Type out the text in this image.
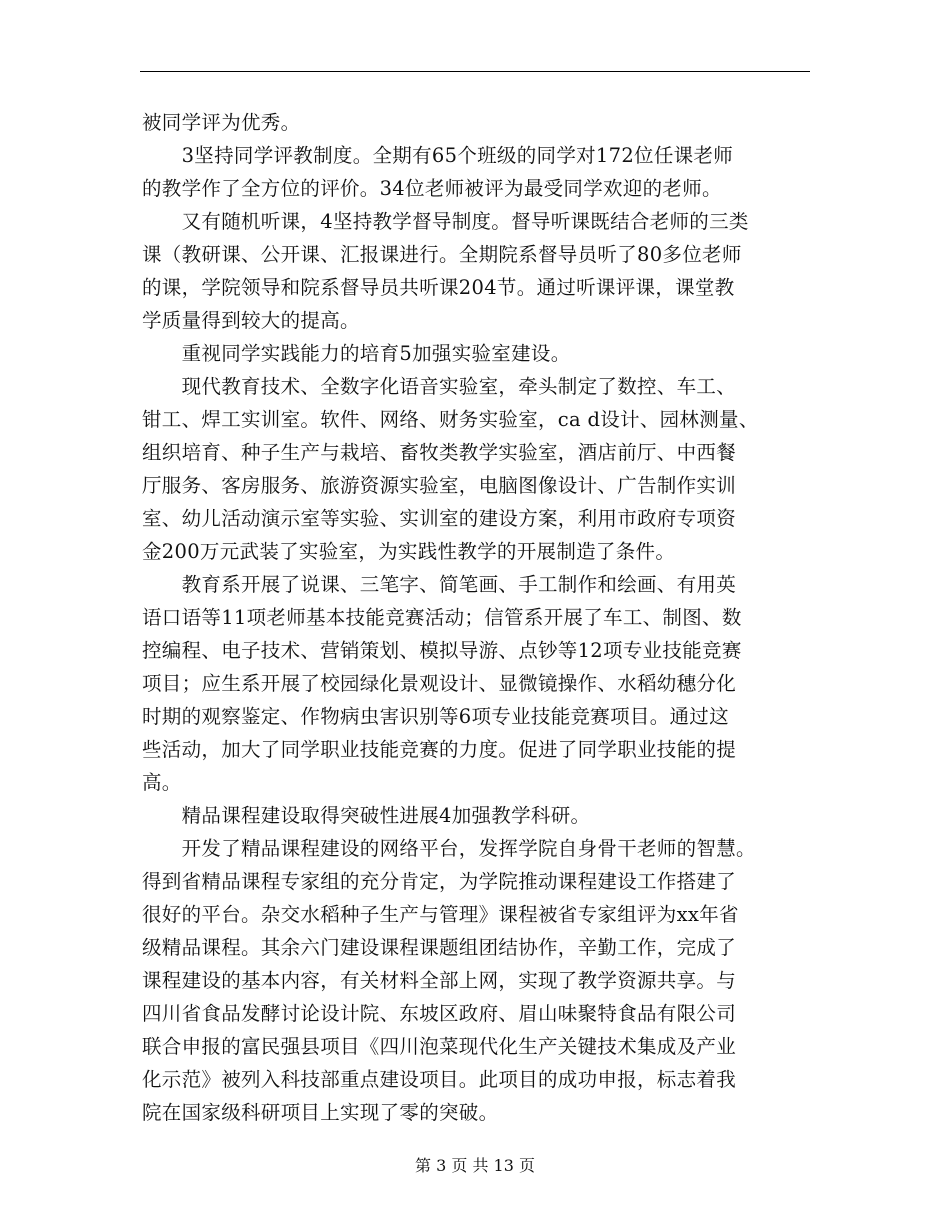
被同学评为优秀。
　　3坚持同学评教制度。全期有65个班级的同学对172位任课老师
的教学作了全方位的评价。34位老师被评为最受同学欢迎的老师。
　　又有随机听课，4坚持教学督导制度。督导听课既结合老师的三类
课（教研课、公开课、汇报课进行。全期院系督导员听了80多位老师
的课，学院领导和院系督导员共听课204节。通过听课评课，课堂教
学质量得到较大的提高。
　　重视同学实践能力的培育5加强实验室建设。
　　现代教育技术、全数字化语音实验室，牵头制定了数控、车工、
钳工、焊工实训室。软件、网络、财务实验室，ca d设计、园林测量、
组织培育、种子生产与栽培、畜牧类教学实验室，酒店前厅、中西餐
厅服务、客房服务、旅游资源实验室，电脑图像设计、广告制作实训
室、幼儿活动演示室等实验、实训室的建设方案，利用市政府专项资
金200万元武装了实验室，为实践性教学的开展制造了条件。
　　教育系开展了说课、三笔字、简笔画、手工制作和绘画、有用英
语口语等11项老师基本技能竞赛活动；信管系开展了车工、制图、数
控编程、电子技术、营销策划、模拟导游、点钞等12项专业技能竞赛
项目；应生系开展了校园绿化景观设计、显微镜操作、水稻幼穗分化
时期的观察鉴定、作物病虫害识别等6项专业技能竞赛项目。通过这
些活动，加大了同学职业技能竞赛的力度。促进了同学职业技能的提
高。
　　精品课程建设取得突破性进展4加强教学科研。
　　开发了精品课程建设的网络平台，发挥学院自身骨干老师的智慧。
得到省精品课程专家组的充分肯定，为学院推动课程建设工作搭建了
很好的平台。杂交水稻种子生产与管理》课程被省专家组评为xx年省
级精品课程。其余六门建设课程课题组团结协作，辛勤工作，完成了
课程建设的基本内容，有关材料全部上网，实现了教学资源共享。与
四川省食品发酵讨论设计院、东坡区政府、眉山味聚特食品有限公司
联合申报的富民强县项目《四川泡菜现代化生产关键技术集成及产业
化示范》被列入科技部重点建设项目。此项目的成功申报，标志着我
院在国家级科研项目上实现了零的突破。
第 3 页 共 13 页
